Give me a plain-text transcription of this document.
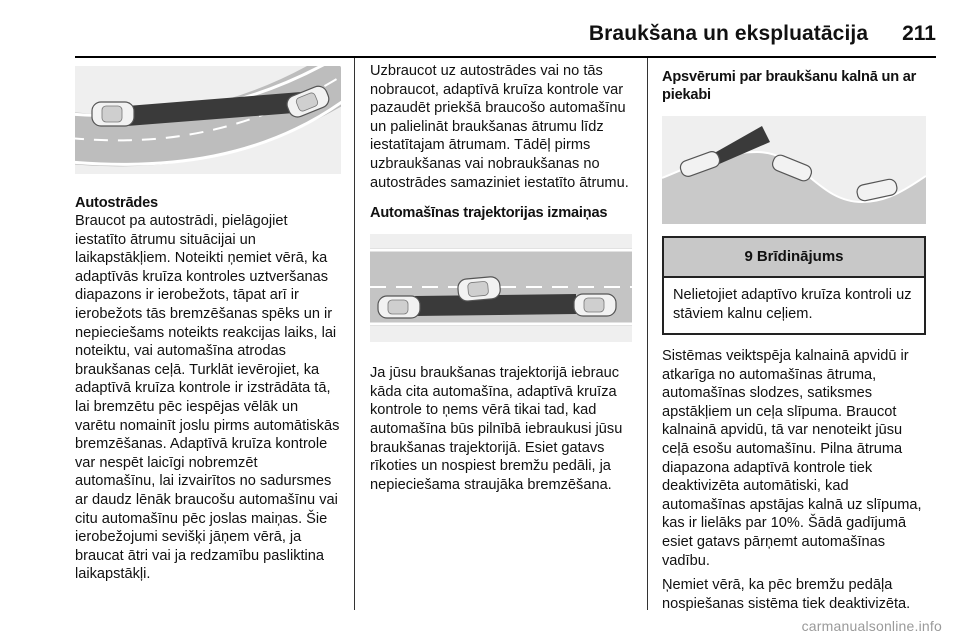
Braukšana un ekspluatācija 211
Autostrādes

Braucot pa autostrādi, pielāgojiet iestatīto ātrumu situācijai un laikapstākļiem. Noteikti ņemiet vērā, ka adaptīvās kruīza kontroles uztveršanas diapazons ir ierobežots, tāpat arī ir ierobežots tās bremzēšanas spēks un ir nepieciešams noteikts reakcijas laiks, lai noteiktu, vai automašīna atrodas braukšanas ceļā. Turklāt ievērojiet, ka adaptīvā kruīza kontrole ir izstrādāta tā, lai bremzētu pēc iespējas vēlāk un varētu nomainīt joslu pirms automātiskās bremzēšanas. Adaptīvā kruīza kontrole var nespēt laicīgi nobremzēt automašīnu, lai izvairītos no sadursmes ar daudz lēnāk braucošu automašīnu vai citu automašīnu pēc joslas maiņas. Šie ierobežojumi sevišķi jāņem vērā, ja braucat ātri vai ja redzamību pasliktina laikapstākļi.

Uzbraucot uz autostrādes vai no tās nobraucot, adaptīvā kruīza kontrole var pazaudēt priekšā braucošo automašīnu un palielināt braukšanas ātrumu līdz iestatītajam ātrumam. Tādēļ pirms uzbraukšanas vai nobraukšanas no autostrādes samaziniet iestatīto ātrumu.

Automašīnas trajektorijas izmaiņas

Ja jūsu braukšanas trajektorijā iebrauc kāda cita automašīna, adaptīvā kruīza kontrole to ņems vērā tikai tad, kad automašīna būs pilnībā iebraukusi jūsu braukšanas trajektorijā. Esiet gatavs rīkoties un nospiest bremžu pedāli, ja nepieciešama straujāka bremzēšana.

Apsvērumi par braukšanu kalnā un ar piekabi
9 Brīdinājums
Nelietojiet adaptīvo kruīza kontroli uz stāviem kalnu ceļiem.

Sistēmas veiktspēja kalnainā apvidū ir atkarīga no automašīnas ātruma, automašīnas slodzes, satiksmes apstākļiem un ceļa slīpuma. Braucot kalnainā apvidū, tā var nenoteikt jūsu ceļā esošu automašīnu. Pilna ātruma diapazona adaptīvā kontrole tiek deaktivizēta automātiski, kad automašīnas apstājas kalnā uz slīpuma, kas ir lielāks par 10%. Šādā gadījumā esiet gatavs pārņemt automašīnas vadību.

Ņemiet vērā, ka pēc bremžu pedāļa nospiešanas sistēma tiek deaktivizēta.

carmanualsonline.info
